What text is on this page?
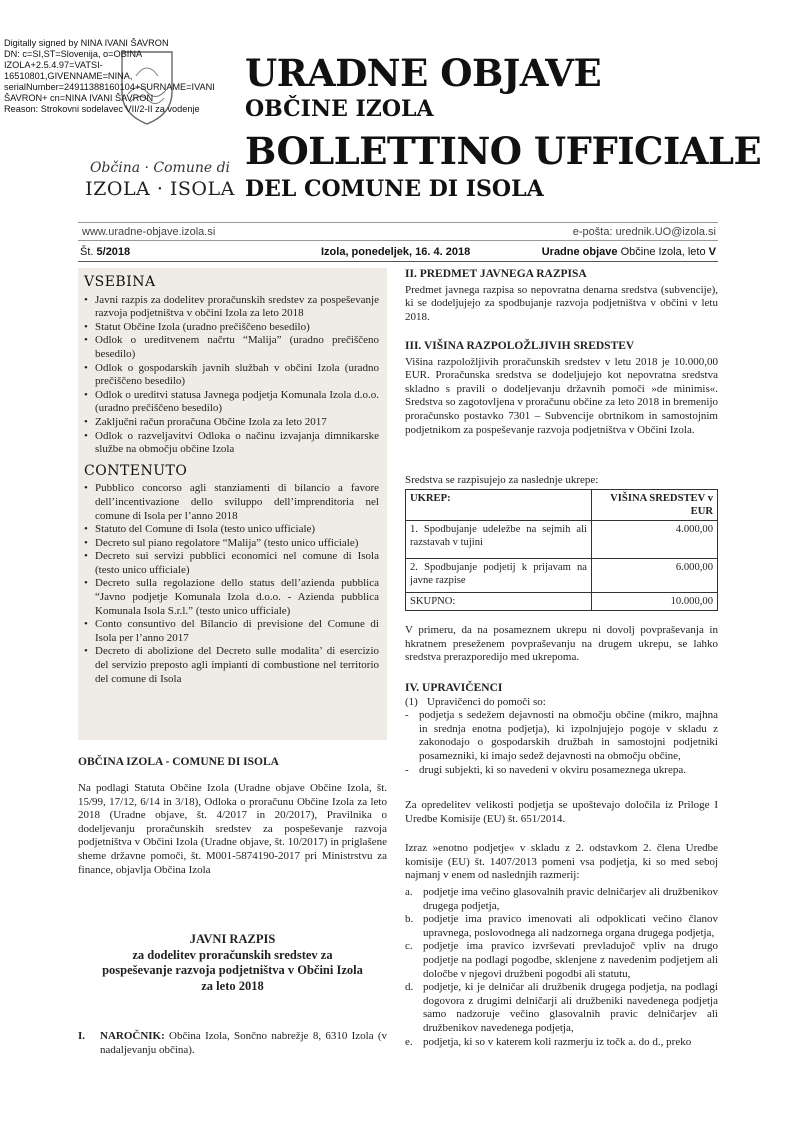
Digitally signed by NINA IVANI ŠAVRON
DN: c=SI,ST=Slovenija, o=OBINA
IZOLA+2.5.4.97=VATSI-
16510801,GIVENNAME=NINA,
serialNumber=24911388160104+SURNAME=IVANI
ŠAVRON+ cn=NINA IVANI ŠAVRON
Reason: Strokovni sodelavec VII/2-II za vodenje
Občina · Comune di
IZOLA · ISOLA
URADNE OBJAVE
OBČINE IZOLA
BOLLETTINO UFFICIALE
DEL COMUNE DI ISOLA
www.uradne-objave.izola.si	e-pošta: urednik.UO@izola.si
Št. 5/2018	Izola, ponedeljek, 16. 4. 2018	Uradne objave Občine Izola, leto V
VSEBINA
• Javni razpis za dodelitev proračunskih sredstev za pospeševanje razvoja podjetništva v občini Izola za leto 2018
• Statut Občine Izola (uradno prečiščeno besedilo)
• Odlok o ureditvenem načrtu “Malija” (uradno prečiščeno besedilo)
• Odlok o gospodarskih javnih službah v občini Izola (uradno prečiščeno besedilo)
• Odlok o ureditvi statusa Javnega podjetja Komunala Izola d.o.o. (uradno prečiščeno besedilo)
• Zaključni račun proračuna Občine Izola za leto 2017
• Odlok o razveljavitvi Odloka o načinu izvajanja dimnikarske službe na območju občine Izola
CONTENUTO
• Pubblico concorso agli stanziamenti di bilancio a favore dell’incentivazione dello sviluppo dell’imprenditoria nel comune di Isola per l’anno 2018
• Statuto del Comune di Isola (testo unico ufficiale)
• Decreto sul piano regolatore “Malija” (testo unico ufficiale)
• Decreto sui servizi pubblici economici nel comune di Isola (testo unico ufficiale)
• Decreto sulla regolazione dello status dell’azienda pubblica “Javno podjetje Komunala Izola d.o.o. - Azienda pubblica Komunala Isola S.r.l.” (testo unico ufficiale)
• Conto consuntivo del Bilancio di previsione del Comune di Isola per l’anno 2017
• Decreto di abolizione del Decreto sulle modalita’ di esercizio del servizio preposto agli impianti di combustione nel territorio del comune di Isola
OBČINA IZOLA - COMUNE DI ISOLA
Na podlagi Statuta Občine Izola (Uradne objave Občine Izola, št. 15/99, 17/12, 6/14 in 3/18), Odloka o proračunu Občine Izola za leto 2018 (Uradne objave, št. 4/2017 in 20/2017), Pravilnika o dodeljevanju proračunskih sredstev za pospeševanje razvoja podjetništva v Občini Izola (Uradne objave, št. 10/2017) in priglašene sheme državne pomoči, št. M001-5874190-2017 pri Ministrstvu za finance, objavlja Občina Izola
JAVNI RAZPIS
za dodelitev proračunskih sredstev za
pospeševanje razvoja podjetništva v Občini Izola
za leto 2018
I. NAROČNIK: Občina Izola, Sončno nabrežje 8, 6310 Izola (v nadaljevanju občina).
II. PREDMET JAVNEGA RAZPISA
Predmet javnega razpisa so nepovratna denarna sredstva (subvencije), ki se dodeljujejo za spodbujanje razvoja podjetništva v občini v letu 2018.
III. VIŠINA RAZPOLOŽLJIVIH SREDSTEV
Višina razpoložljivih proračunskih sredstev v letu 2018 je 10.000,00 EUR. Proračunska sredstva se dodeljujejo kot nepovratna sredstva skladno s pravili o dodeljevanju državnih pomoči »de minimis«. Sredstva so zagotovljena v proračunu občine za leto 2018 in bremenijo proračunsko postavko 7301 – Subvencije obrtnikom in samostojnim podjetnikom za pospeševanje razvoja podjetništva v Občini Izola.
Sredstva se razpisujejo za naslednje ukrepe:
UKREP:	VIŠINA SREDSTEV v EUR
1. Spodbujanje udeležbe na sejmih ali razstavah v tujini	4.000,00
2. Spodbujanje podjetij k prijavam na javne razpise	6.000,00
SKUPNO:	10.000,00
V primeru, da na posameznem ukrepu ni dovolj povpraševanja in hkratnem preseženem povpraševanju na drugem ukrepu, se lahko sredstva prerazporedijo med ukrepoma.
IV. UPRAVIČENCI
(1) Upravičenci do pomoči so:
- podjetja s sedežem dejavnosti na območju občine (mikro, majhna in srednja enotna podjetja), ki izpolnjujejo pogoje v skladu z zakonodajo o gospodarskih družbah in samostojni podjetniki posamezniki, ki imajo sedež dejavnosti na območju občine,
- drugi subjekti, ki so navedeni v okviru posameznega ukrepa.
Za opredelitev velikosti podjetja se upoštevajo določila iz Priloge I Uredbe Komisije (EU) št. 651/2014.
Izraz »enotno podjetje« v skladu z 2. odstavkom 2. člena Uredbe komisije (EU) št. 1407/2013 pomeni vsa podjetja, ki so med seboj najmanj v enem od naslednjih razmerij:
a. podjetje ima večino glasovalnih pravic delničarjev ali družbenikov drugega podjetja,
b. podjetje ima pravico imenovati ali odpoklicati večino članov upravnega, poslovodnega ali nadzornega organa drugega podjetja,
c. podjetje ima pravico izvrševati prevladujoč vpliv na drugo podjetje na podlagi pogodbe, sklenjene z navedenim podjetjem ali določbe v njegovi družbeni pogodbi ali statutu,
d. podjetje, ki je delničar ali družbenik drugega podjetja, na podlagi dogovora z drugimi delničarji ali družbeniki navedenega podjetja samo nadzoruje večino glasovalnih pravic delničarjev ali družbenikov navedenega podjetja,
e. podjetja, ki so v katerem koli razmerju iz točk a. do d., preko
